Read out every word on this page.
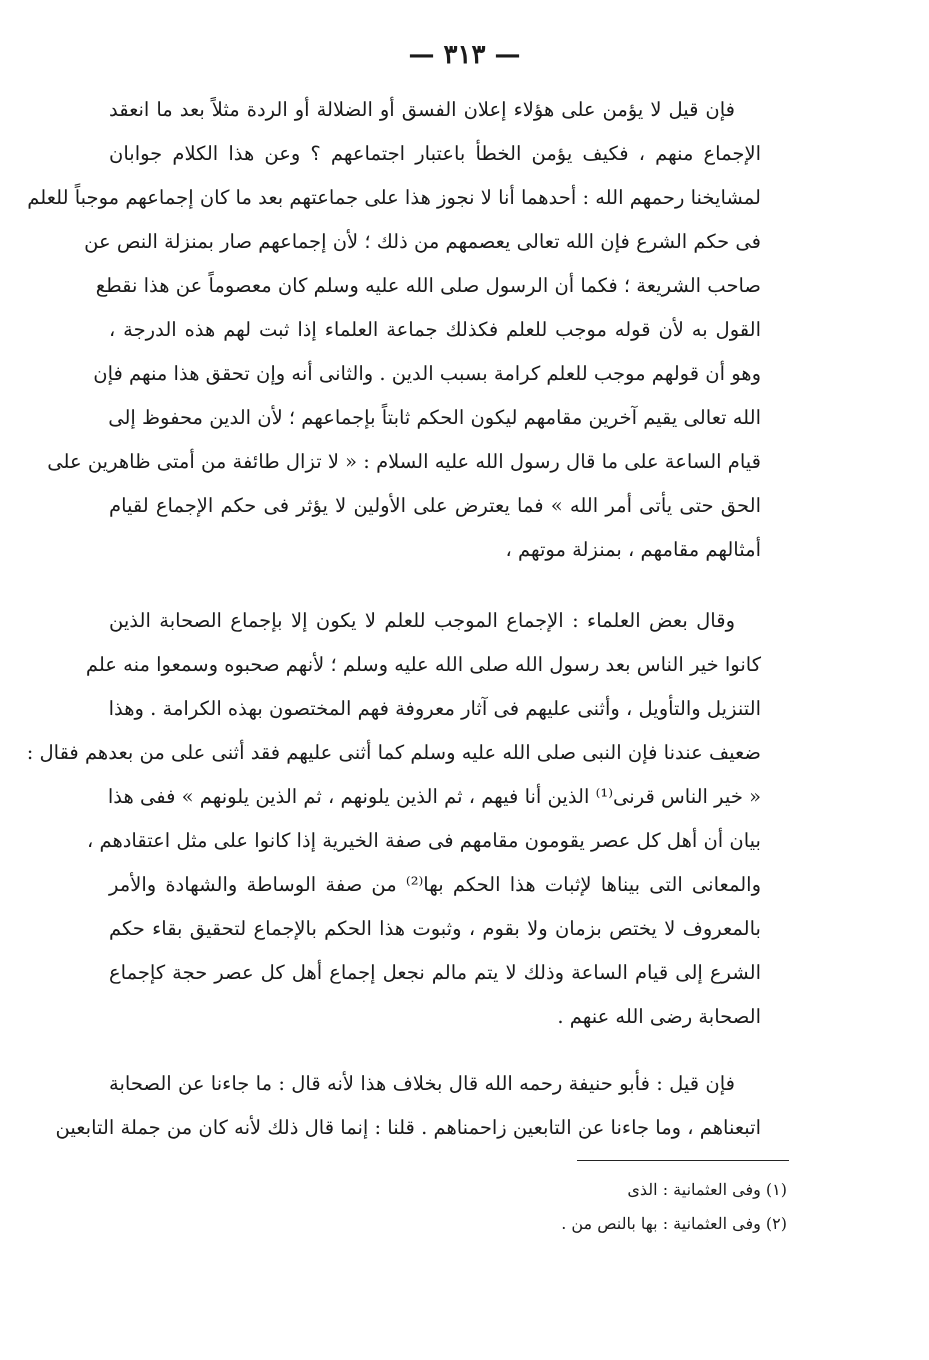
— ٣١٣ —
فإن قيل لا يؤمن على هؤلاء إعلان الفسق أو الضلالة أو الردة مثلاً بعد ما انعقد
الإجماع منهم ، فكيف يؤمن الخطأ باعتبار اجتماعهم ؟ وعن هذا الكلام جوابان
لمشايخنا رحمهم الله : أحدهما أنا لا نجوز هذا على جماعتهم بعد ما كان إجماعهم موجباً للعلم
فى حكم الشرع فإن الله تعالى يعصمهم من ذلك ؛ لأن إجماعهم صار بمنزلة النص عن
صاحب الشريعة ؛ فكما أن الرسول صلى الله عليه وسلم كان معصوماً عن هذا نقطع
القول به لأن قوله موجب للعلم فكذلك جماعة العلماء إذا ثبت لهم هذه الدرجة ،
وهو أن قولهم موجب للعلم كرامة بسبب الدين . والثانى أنه وإن تحقق هذا منهم فإن
الله تعالى يقيم آخرين مقامهم ليكون الحكم ثابتاً بإجماعهم ؛ لأن الدين محفوظ إلى
قيام الساعة على ما قال رسول الله عليه السلام : « لا تزال طائفة من أمتى ظاهرين على
الحق حتى يأتى أمر الله » فما يعترض على الأولين لا يؤثر فى حكم الإجماع لقيام
أمثالهم مقامهم ، بمنزلة موتهم ،
وقال بعض العلماء : الإجماع الموجب للعلم لا يكون إلا بإجماع الصحابة الذين
كانوا خير الناس بعد رسول الله صلى الله عليه وسلم ؛ لأنهم صحبوه وسمعوا منه علم
التنزيل والتأويل ، وأثنى عليهم فى آثار معروفة فهم المختصون بهذه الكرامة . وهذا
ضعيف عندنا فإن النبى صلى الله عليه وسلم كما أثنى عليهم فقد أثنى على من بعدهم فقال :
« خير الناس قرنى⁽¹⁾ الذين أنا فيهم ، ثم الذين يلونهم ، ثم الذين يلونهم » ففى هذا
بيان أن أهل كل عصر يقومون مقامهم فى صفة الخيرية إذا كانوا على مثل اعتقادهم ،
والمعانى التى بيناها لإثبات هذا الحكم بها⁽²⁾ من صفة الوساطة والشهادة والأمر
بالمعروف لا يختص بزمان ولا بقوم ، وثبوت هذا الحكم بالإجماع لتحقيق بقاء حكم
الشرع إلى قيام الساعة وذلك لا يتم مالم نجعل إجماع أهل كل عصر حجة كإجماع
الصحابة رضى الله عنهم .
فإن قيل : فأبو حنيفة رحمه الله قال بخلاف هذا لأنه قال : ما جاءنا عن الصحابة
اتبعناهم ، وما جاءنا عن التابعين زاحمناهم . قلنا : إنما قال ذلك لأنه كان من جملة التابعين
(١) وفى العثمانية : الذى
(٢) وفى العثمانية : بها بالنص من .
